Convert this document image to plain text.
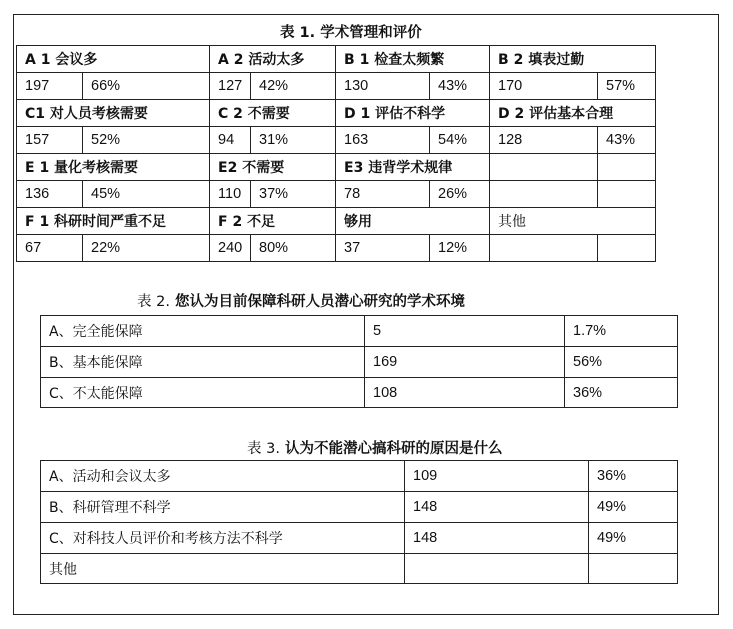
表 1. 学术管理和评价
A 1 会议多		A 2 活动太多		B 1 检查太频繁		B 2 填表过勤	
197	66%	127	42%	130	43%	170	57%
C1 对人员考核需要		C 2 不需要		D 1 评估不科学		D 2 评估基本合理	
157	52%	94	31%	163	54%	128	43%
E 1 量化考核需要		E2 不需要		E3 违背学术规律			
136	45%	110	37%	78	26%		
F 1 科研时间严重不足		F 2 不足		够用		其他	
67	22%	240	80%	37	12%		
表 2. 您认为目前保障科研人员潜心研究的学术环境
A、完全能保障	5	1.7%
B、基本能保障	169	56%
C、不太能保障	108	36%
表 3. 认为不能潜心搞科研的原因是什么
A、活动和会议太多	109	36%
B、科研管理不科学	148	49%
C、对科技人员评价和考核方法不科学	148	49%
其他		
